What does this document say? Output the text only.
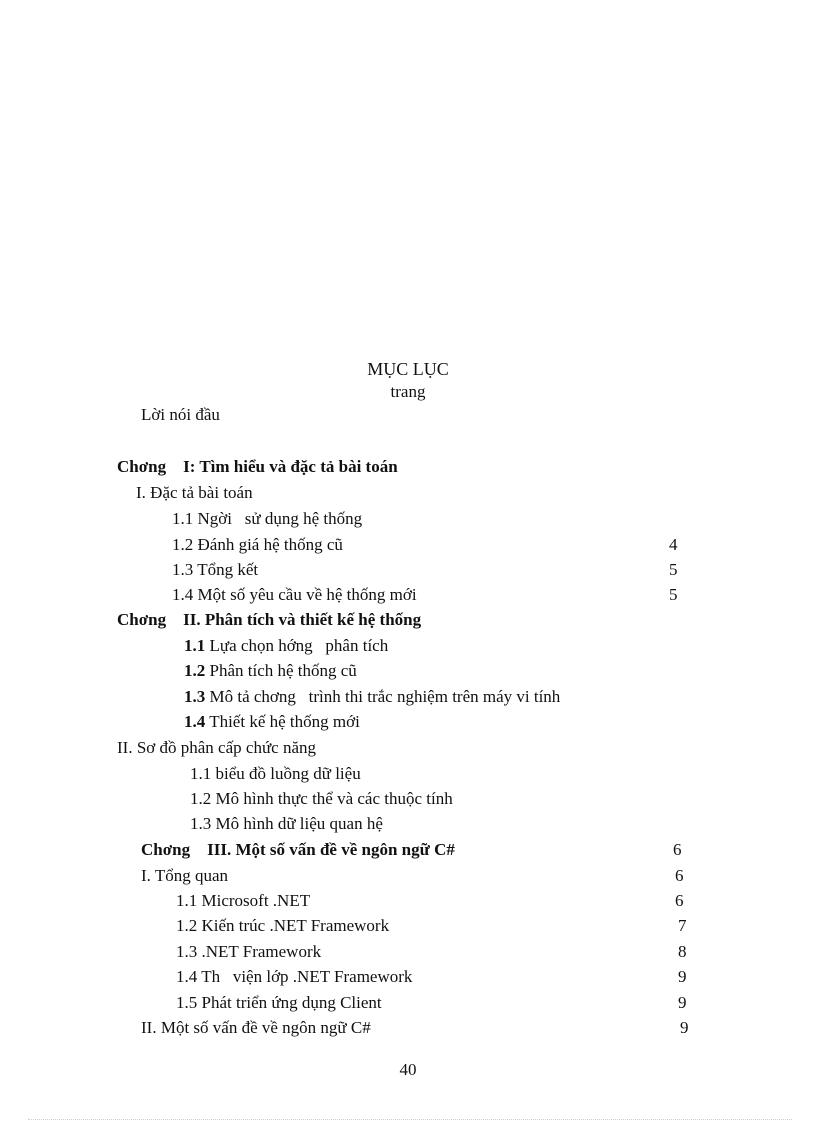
MỤC LỤC
trang
Lời nói đầu
Chơng    I: Tìm hiểu và đặc tả bài toán
I. Đặc tả bài toán
1.1 Ngời   sử dụng hệ thống
1.2 Đánh giá hệ thống cũ	4
1.3 Tổng kết	5
1.4 Một số yêu cầu về hệ thống mới	5
Chơng    II. Phân tích và thiết kế hệ thống
1.1 Lựa chọn hớng   phân tích
1.2 Phân tích hệ thống cũ
1.3 Mô tả chơng   trình thi trắc nghiệm trên máy vi tính
1.4 Thiết kế hệ thống mới
II. Sơ đồ phân cấp chức năng
1.1 biểu đồ luồng dữ liệu
1.2 Mô hình thực thể và các thuộc tính
1.3 Mô hình dữ liệu quan hệ
Chơng    III. Một số vấn đề về ngôn ngữ C#	6
I. Tổng quan	6
1.1 Microsoft .NET	6
1.2 Kiến trúc .NET Framework	7
1.3 .NET Framework	8
1.4 Th   viện lớp .NET Framework	9
1.5 Phát triển ứng dụng Client	9
II. Một số vấn đề về ngôn ngữ C#	9
40
